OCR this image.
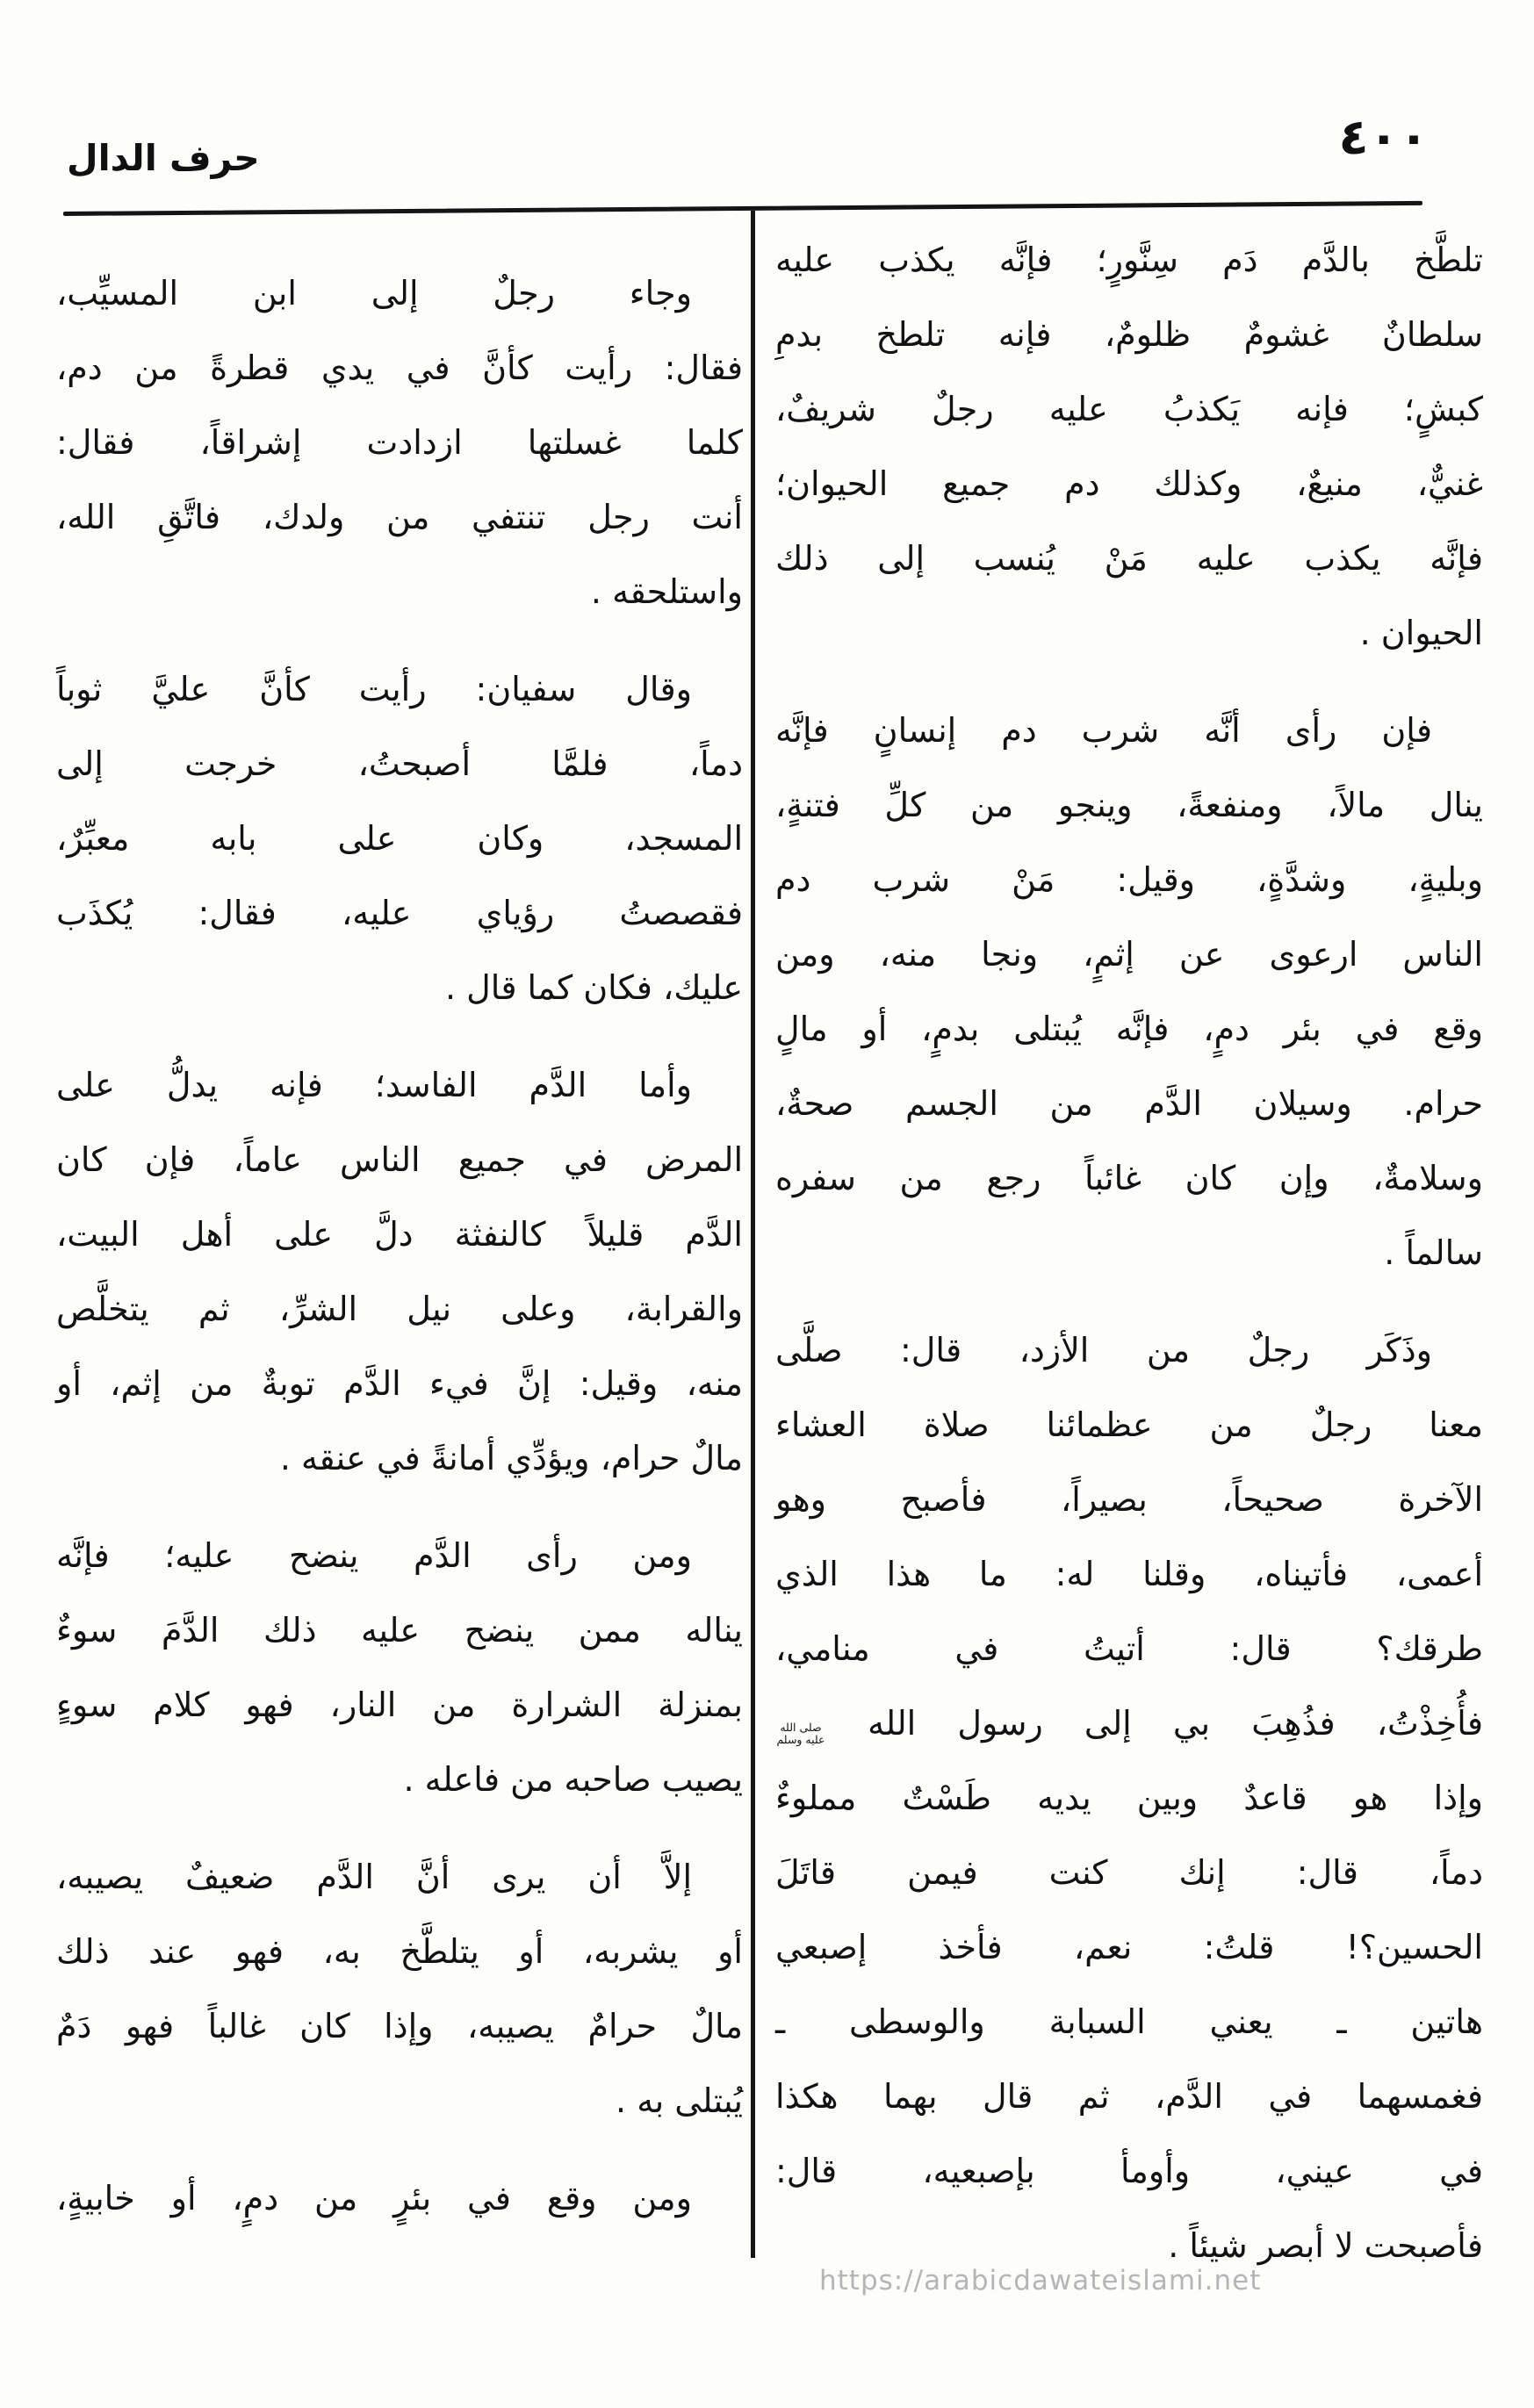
حرف الدال	٤٠٠
تلطَّخ بالدَّم دَم سِنَّورٍ؛ فإنَّه يكذب عليه
سلطانٌ غشومٌ ظلومٌ، فإنه تلطخ بدمِ
كبشٍ؛ فإنه يَكذبُ عليه رجلٌ شريفٌ،
غنيٌّ، منيعٌ، وكذلك دم جميع الحيوان؛
فإنَّه يكذب عليه مَنْ يُنسب إلى ذلك
الحيوان .
فإن رأى أنَّه شرب دم إنسانٍ فإنَّه
ينال مالاً، ومنفعةً، وينجو من كلِّ فتنةٍ،
وبليةٍ، وشدَّةٍ، وقيل: مَنْ شرب دم
الناس ارعوى عن إثمٍ، ونجا منه، ومن
وقع في بئر دمٍ، فإنَّه يُبتلى بدمٍ، أو مالٍ
حرام. وسيلان الدَّم من الجسم صحةٌ،
وسلامةٌ، وإن كان غائباً رجع من سفره
سالماً .
وذَكَر رجلٌ من الأزد، قال: صلَّى
معنا رجلٌ من عظمائنا صلاة العشاء
الآخرة صحيحاً، بصيراً، فأصبح وهو
أعمى، فأتيناه، وقلنا له: ما هذا الذي
طرقك؟ قال: أتيتُ في منامي،
فأُخِذْتُ، فذُهِبَ بي إلى رسول الله صلى الله عليه وسلم
وإذا هو قاعدٌ وبين يديه طَسْتٌ مملوءٌ
دماً، قال: إنك كنت فيمن قاتَلَ
الحسين؟! قلتُ: نعم، فأخذ إصبعي
هاتين ـ يعني السبابة والوسطى ـ
فغمسهما في الدَّم، ثم قال بهما هكذا
في عيني، وأومأ بإصبعيه، قال:
فأصبحت لا أبصر شيئاً .
وجاء رجلٌ إلى ابن المسيِّب،
فقال: رأيت كأنَّ في يدي قطرةً من دم،
كلما غسلتها ازدادت إشراقاً، فقال:
أنت رجل تنتفي من ولدك، فاتَّقِ الله،
واستلحقه .
وقال سفيان: رأيت كأنَّ عليَّ ثوباً
دماً، فلمَّا أصبحتُ، خرجت إلى
المسجد، وكان على بابه معبِّرٌ،
فقصصتُ رؤياي عليه، فقال: يُكذَب
عليك، فكان كما قال .
وأما الدَّم الفاسد؛ فإنه يدلُّ على
المرض في جميع الناس عاماً، فإن كان
الدَّم قليلاً كالنفثة دلَّ على أهل البيت،
والقرابة، وعلى نيل الشرِّ، ثم يتخلَّص
منه، وقيل: إنَّ فيء الدَّم توبةٌ من إثم، أو
مالٌ حرام، ويؤدِّي أمانةً في عنقه .
ومن رأى الدَّم ينضح عليه؛ فإنَّه
يناله ممن ينضح عليه ذلك الدَّمَ سوءٌ
بمنزلة الشرارة من النار، فهو كلام سوءٍ
يصيب صاحبه من فاعله .
إلاَّ أن يرى أنَّ الدَّم ضعيفٌ يصيبه،
أو يشربه، أو يتلطَّخ به، فهو عند ذلك
مالٌ حرامٌ يصيبه، وإذا كان غالباً فهو دَمٌ
يُبتلى به .
ومن وقع في بئرٍ من دمٍ، أو خابيةٍ،
https://arabicdawateislami.net
